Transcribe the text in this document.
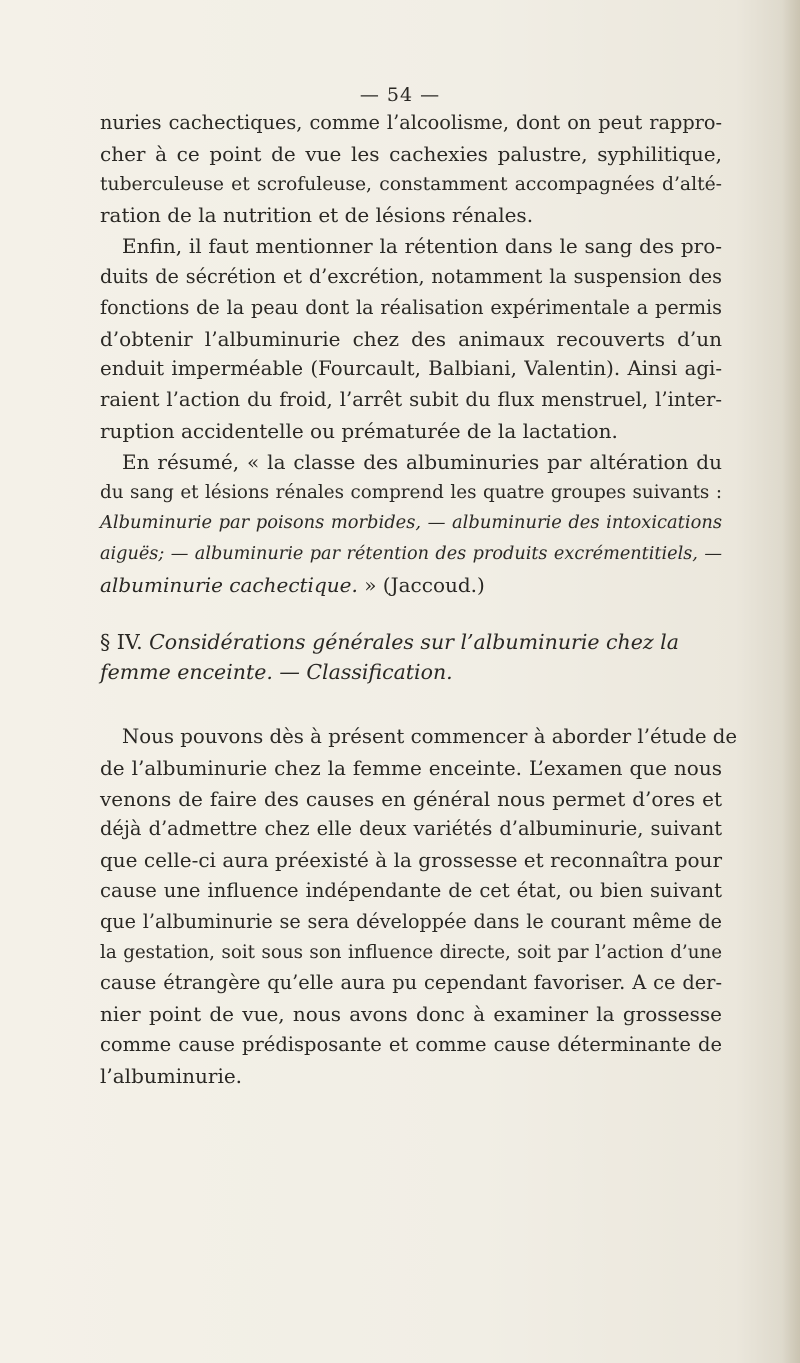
— 54 —
nuries cachectiques, comme l’alcoolisme, dont on peut rappro-
cher à ce point de vue les cachexies palustre, syphilitique,
tuberculeuse et scrofuleuse, constamment accompagnées d’alté-
ration de la nutrition et de lésions rénales.
Enfin, il faut mentionner la rétention dans le sang des pro-
duits de sécrétion et d’excrétion, notamment la suspension des
fonctions de la peau dont la réalisation expérimentale a permis
d’obtenir l’albuminurie chez des animaux recouverts d’un
enduit imperméable (Fourcault, Balbiani, Valentin). Ainsi agi-
raient l’action du froid, l’arrêt subit du flux menstruel, l’inter-
ruption accidentelle ou prématurée de la lactation.
En résumé, « la classe des albuminuries par altération du
du sang et lésions rénales comprend les quatre groupes suivants :
Albuminurie par poisons morbides, — albuminurie des intoxications
aiguës; — albuminurie par rétention des produits excrémentitiels, —
albuminurie cachectique. » (Jaccoud.)
§ IV. Considérations générales sur l’albuminurie chez la
femme enceinte. — Classification.
Nous pouvons dès à présent commencer à aborder l’étude de
de l’albuminurie chez la femme enceinte. L’examen que nous
venons de faire des causes en général nous permet d’ores et
déjà d’admettre chez elle deux variétés d’albuminurie, suivant
que celle-ci aura préexisté à la grossesse et reconnaîtra pour
cause une influence indépendante de cet état, ou bien suivant
que l’albuminurie se sera développée dans le courant même de
la gestation, soit sous son influence directe, soit par l’action d’une
cause étrangère qu’elle aura pu cependant favoriser. A ce der-
nier point de vue, nous avons donc à examiner la grossesse
comme cause prédisposante et comme cause déterminante de
l’albuminurie.
